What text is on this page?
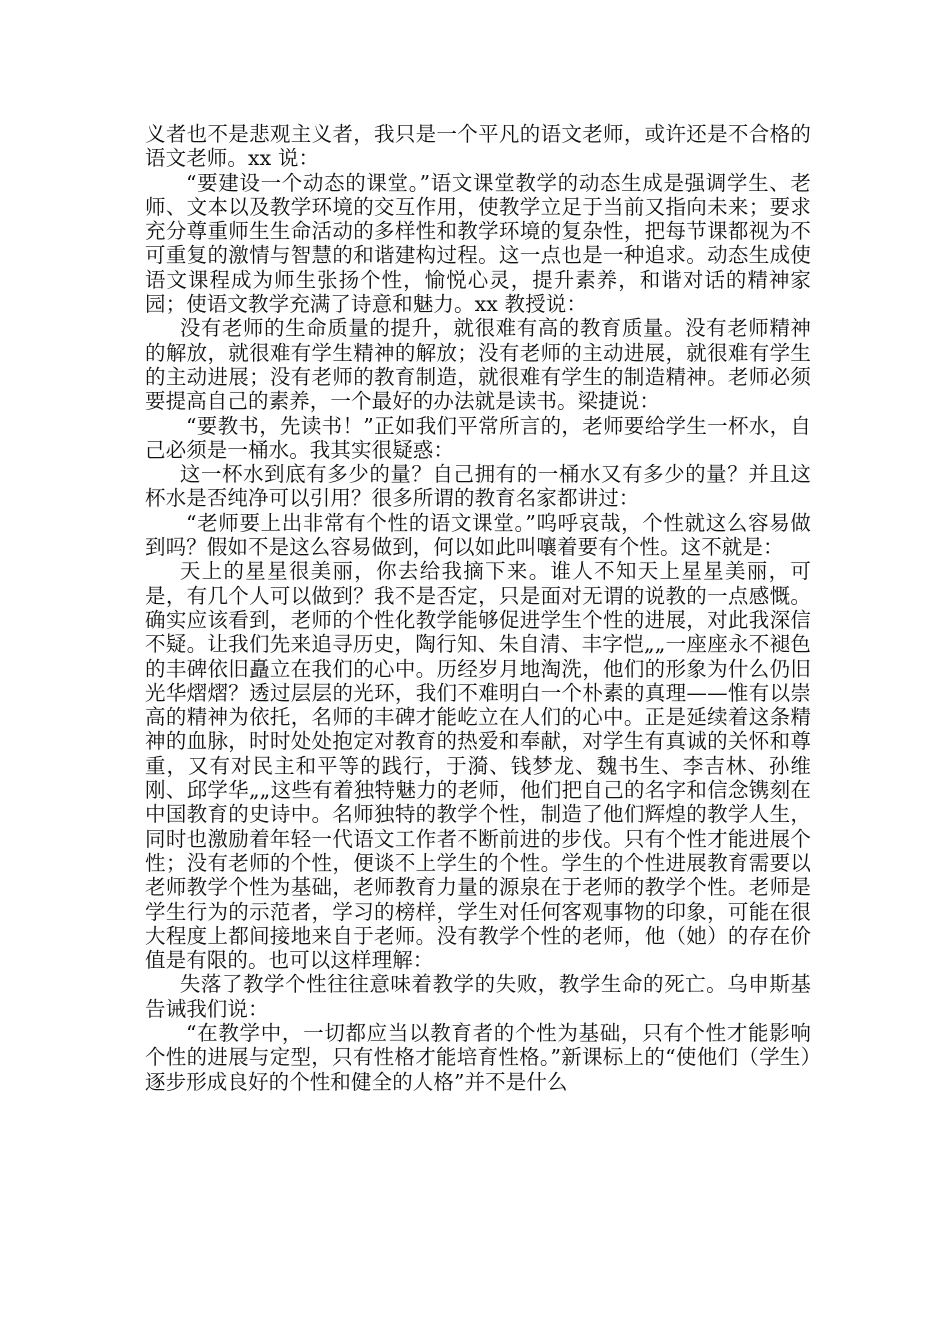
义者也不是悲观主义者，我只是一个平凡的语文老师，或许还是不合格的语文老师。xx 说：

“要建设一个动态的课堂。”语文课堂教学的动态生成是强调学生、老师、文本以及教学环境的交互作用，使教学立足于当前又指向未来；要求充分尊重师生生命活动的多样性和教学环境的复杂性，把每节课都视为不可重复的激情与智慧的和谐建构过程。这一点也是一种追求。动态生成使语文课程成为师生张扬个性，愉悦心灵，提升素养，和谐对话的精神家园；使语文教学充满了诗意和魅力。xx 教授说：

没有老师的生命质量的提升，就很难有高的教育质量。没有老师精神的解放，就很难有学生精神的解放；没有老师的主动进展，就很难有学生的主动进展；没有老师的教育制造，就很难有学生的制造精神。老师必须要提高自己的素养，一个最好的办法就是读书。梁捷说：

“要教书，先读书！”正如我们平常所言的，老师要给学生一杯水，自己必须是一桶水。我其实很疑惑：

这一杯水到底有多少的量？自己拥有的一桶水又有多少的量？并且这杯水是否纯净可以引用？很多所谓的教育名家都讲过：

“老师要上出非常有个性的语文课堂。”呜呼哀哉，个性就这么容易做到吗？假如不是这么容易做到，何以如此叫嚷着要有个性。这不就是：

天上的星星很美丽，你去给我摘下来。谁人不知天上星星美丽，可是，有几个人可以做到？我不是否定，只是面对无谓的说教的一点感慨。确实应该看到，老师的个性化教学能够促进学生个性的进展，对此我深信不疑。让我们先来追寻历史，陶行知、朱自清、丰字恺„„一座座永不褪色的丰碑依旧矗立在我们的心中。历经岁月地淘洗，他们的形象为什么仍旧光华熠熠？透过层层的光环，我们不难明白一个朴素的真理——惟有以崇高的精神为依托，名师的丰碑才能屹立在人们的心中。正是延续着这条精神的血脉，时时处处抱定对教育的热爱和奉献，对学生有真诚的关怀和尊重，又有对民主和平等的践行，于漪、钱梦龙、魏书生、李吉林、孙维刚、邱学华„„这些有着独特魅力的老师，他们把自己的名字和信念镌刻在中国教育的史诗中。名师独特的教学个性，制造了他们辉煌的教学人生，同时也激励着年轻一代语文工作者不断前进的步伐。只有个性才能进展个性；没有老师的个性，便谈不上学生的个性。学生的个性进展教育需要以老师教学个性为基础，老师教育力量的源泉在于老师的教学个性。老师是学生行为的示范者，学习的榜样，学生对任何客观事物的印象，可能在很大程度上都间接地来自于老师。没有教学个性的老师，他（她）的存在价值是有限的。也可以这样理解：

失落了教学个性往往意味着教学的失败，教学生命的死亡。乌申斯基告诫我们说：

“在教学中，一切都应当以教育者的个性为基础，只有个性才能影响个性的进展与定型，只有性格才能培育性格。”新课标上的“使他们（学生）逐步形成良好的个性和健全的人格”并不是什么
